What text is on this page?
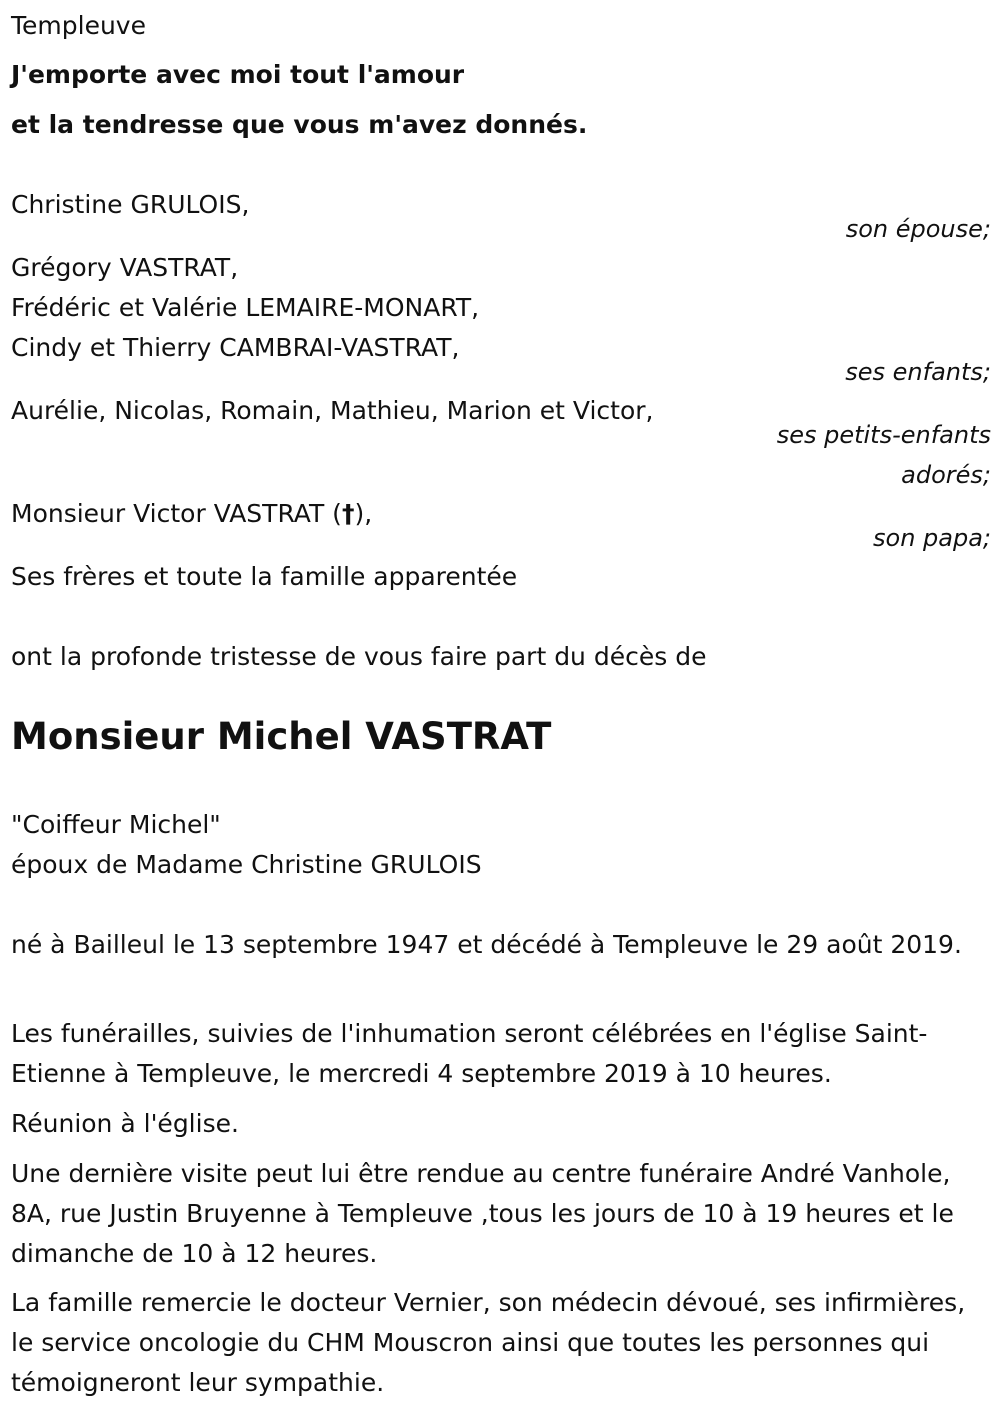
Templeuve
J'emporte avec moi tout l'amour
et la tendresse que vous m'avez donnés.
Christine GRULOIS,
son épouse;
Grégory VASTRAT,
Frédéric et Valérie LEMAIRE-MONART,
Cindy et Thierry CAMBRAI-VASTRAT,
ses enfants;
Aurélie, Nicolas, Romain, Mathieu, Marion et Victor,
ses petits-enfants
adorés;
Monsieur Victor VASTRAT (†),
son papa;
Ses frères et toute la famille apparentée
ont la profonde tristesse de vous faire part du décès de
Monsieur Michel VASTRAT
"Coiffeur Michel"
époux de Madame Christine GRULOIS
né à Bailleul le 13 septembre 1947 et décédé à Templeuve le 29 août 2019.
Les funérailles, suivies de l'inhumation seront célébrées en l'église Saint-Etienne à Templeuve, le mercredi 4 septembre 2019 à 10 heures.
Réunion à l'église.
Une dernière visite peut lui être rendue au centre funéraire André Vanhole, 8A, rue Justin Bruyenne à Templeuve ,tous les jours de 10 à 19 heures et le dimanche de 10 à 12 heures.
La famille remercie le docteur Vernier, son médecin dévoué, ses infirmières, le service oncologie du CHM Mouscron ainsi que toutes les personnes qui témoigneront leur sympathie.
